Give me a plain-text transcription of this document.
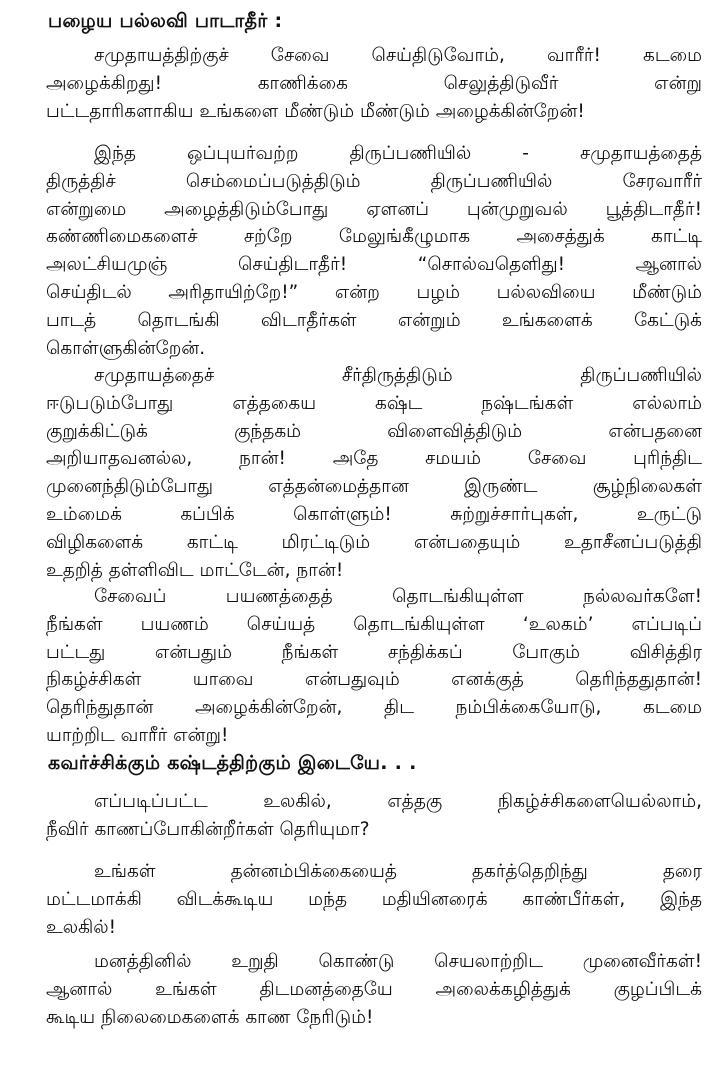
பழைய பல்லவி பாடாதீர் :
சமுதாயத்திற்குச் சேவை செய்திடுவோம், வாரீர்! கடமை
அழைக்கிறது! காணிக்கை செலுத்திடுவீர் என்று
பட்டதாரிகளாகிய உங்களை மீண்டும் மீண்டும் அழைக்கின்றேன்!
இந்த ஒப்புயர்வற்ற திருப்பணியில் - சமுதாயத்தைத்
திருத்திச் செம்மைப்படுத்திடும் திருப்பணியில் சேரவாரீர்
என்றுமை அழைத்திடும்போது ஏளனப் புன்முறுவல் பூத்திடாதீர்!
கண்ணிமைகளைச் சற்றே மேலுங்கீழுமாக அசைத்துக் காட்டி
அலட்சியமுஞ் செய்திடாதீர்! “சொல்வதெளிது! ஆனால்
செய்திடல் அரிதாயிற்றே!” என்ற பழம் பல்லவியை மீண்டும்
பாடத் தொடங்கி விடாதீர்கள் என்றும் உங்களைக் கேட்டுக்
கொள்ளுகின்றேன்.
சமுதாயத்தைச் சீர்திருத்திடும் திருப்பணியில்
ஈடுபடும்போது எத்தகைய கஷ்ட நஷ்டங்கள் எல்லாம்
குறுக்கிட்டுக் குந்தகம் விளைவித்திடும் என்பதனை
அறியாதவனல்ல, நான்! அதே சமயம் சேவை புரிந்திட
முனைந்திடும்போது எத்தன்மைத்தான இருண்ட சூழ்நிலைகள்
உம்மைக் கப்பிக் கொள்ளும்! சுற்றுச்சார்புகள், உருட்டு
விழிகளைக் காட்டி மிரட்டிடும் என்பதையும் உதாசீனப்படுத்தி
உதறித் தள்ளிவிட மாட்டேன், நான்!
சேவைப் பயணத்தைத் தொடங்கியுள்ள நல்லவர்களே!
நீங்கள் பயணம் செய்யத் தொடங்கியுள்ள ‘உலகம்’ எப்படிப்
பட்டது என்பதும் நீங்கள் சந்திக்கப் போகும் விசித்திர
நிகழ்ச்சிகள் யாவை என்பதுவும் எனக்குத் தெரிந்ததுதான்!
தெரிந்துதான் அழைக்கின்றேன், திட நம்பிக்கையோடு, கடமை
யாற்றிட வாரீர் என்று!
கவர்ச்சிக்கும் கஷ்டத்திற்கும் இடையே. . .
எப்படிப்பட்ட உலகில், எத்தகு நிகழ்ச்சிகளையெல்லாம்,
நீவிர் காணப்போகின்றீர்கள் தெரியுமா?
உங்கள் தன்னம்பிக்கையைத் தகர்த்தெறிந்து தரை
மட்டமாக்கி விடக்கூடிய மந்த மதியினரைக் காண்பீர்கள், இந்த
உலகில்!
மனத்தினில் உறுதி கொண்டு செயலாற்றிட முனைவீர்கள்!
ஆனால் உங்கள் திடமனத்தையே அலைக்கழித்துக் குழப்பிடக்
கூடிய நிலைமைகளைக் காண நேரிடும்!
